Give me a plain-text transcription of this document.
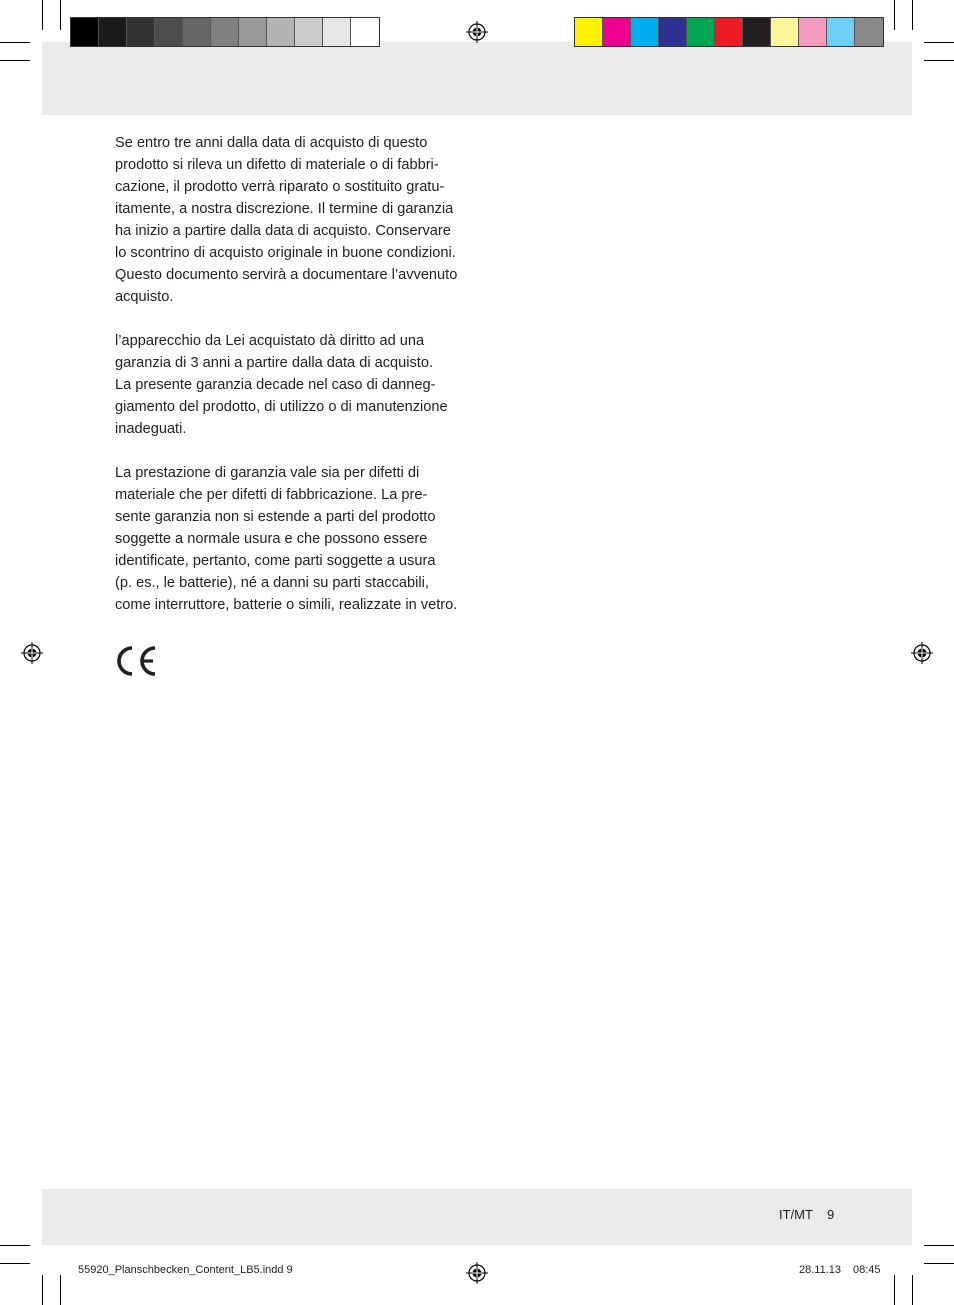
Se entro tre anni dalla data di acquisto di questo
prodotto si rileva un difetto di materiale o di fabbri-
cazione, il prodotto verrà riparato o sostituito gratu-
itamente, a nostra discrezione. Il termine di garanzia
ha inizio a partire dalla data di acquisto. Conservare
lo scontrino di acquisto originale in buone condizioni.
Questo documento servirà a documentare l’avvenuto
acquisto.

l’apparecchio da Lei acquistato dà diritto ad una
garanzia di 3 anni a partire dalla data di acquisto.
La presente garanzia decade nel caso di danneg-
giamento del prodotto, di utilizzo o di manutenzione
inadeguati.

La prestazione di garanzia vale sia per difetti di
materiale che per difetti di fabbricazione. La pre-
sente garanzia non si estende a parti del prodotto
soggette a normale usura e che possono essere
identificate, pertanto, come parti soggette a usura
(p. es., le batterie), né a danni su parti staccabili,
come interruttore, batterie o simili, realizzate in vetro.

IT/MT 9
55920_Planschbecken_Content_LB5.indd 9	28.11.13 08:45
